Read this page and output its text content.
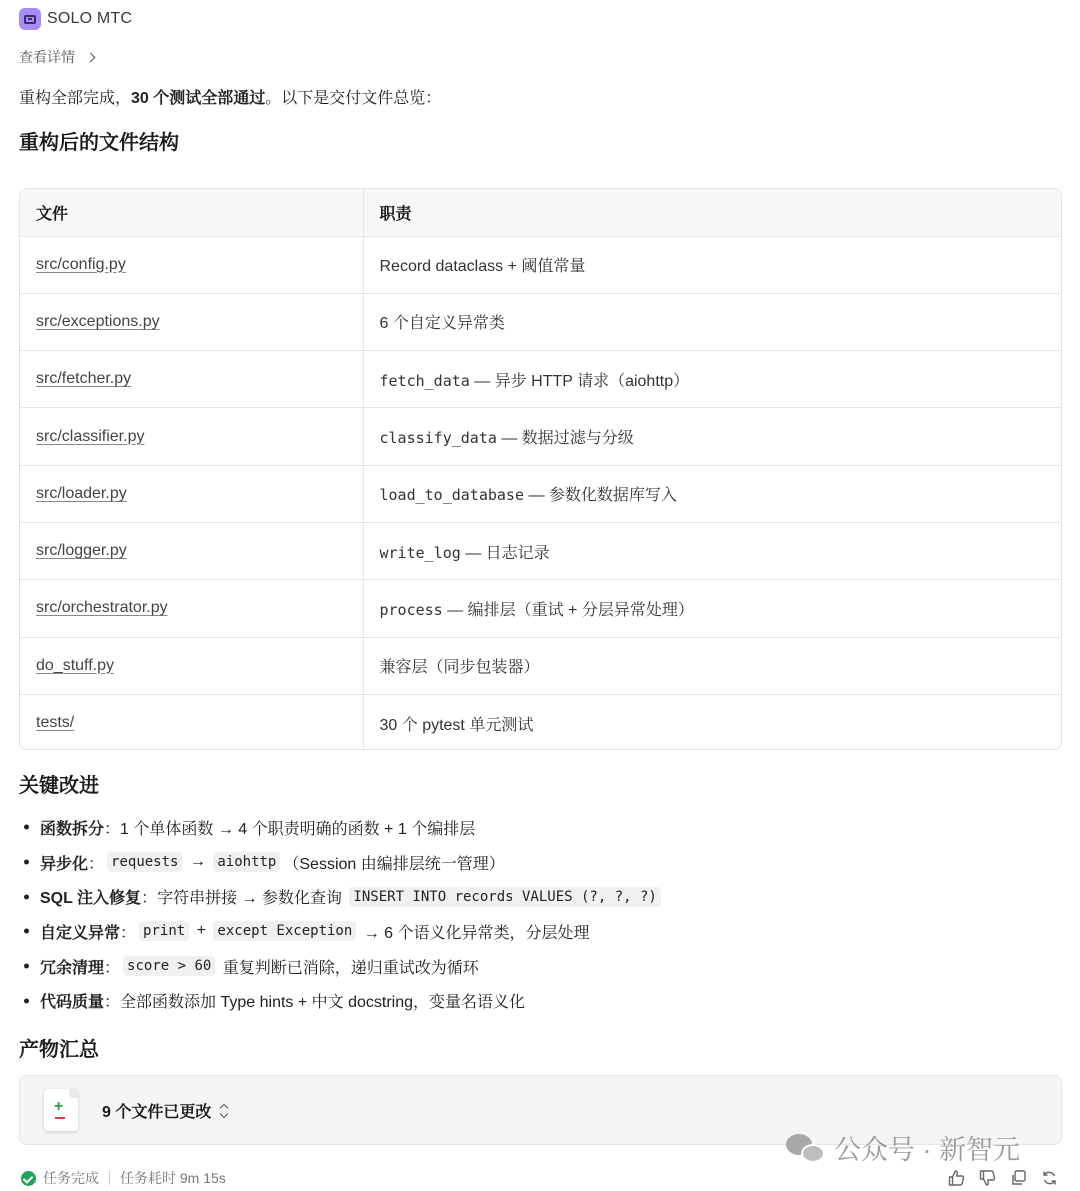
SOLO MTC
查看详情

重构全部完成，30 个测试全部通过。以下是交付文件总览：

重构后的文件结构
文件	职责
src/config.py	Record dataclass + 阈值常量
src/exceptions.py	6 个自定义异常类
src/fetcher.py	fetch_data — 异步 HTTP 请求（aiohttp）
src/classifier.py	classify_data — 数据过滤与分级
src/loader.py	load_to_database — 参数化数据库写入
src/logger.py	write_log — 日志记录
src/orchestrator.py	process — 编排层（重试 + 分层异常处理）
do_stuff.py	兼容层（同步包装器）
tests/	30 个 pytest 单元测试
关键改进
函数拆分 ： 1 个单体函数 → 4 个职责明确的函数 + 1 个编排层
异步化 ： requests → aiohttp （Session 由编排层统一管理）
SQL 注入修复 ： 字符串拼接 → 参数化查询 INSERT INTO records VALUES (?, ?, ?)
自定义异常 ： print + except Exception → 6 个语义化异常类，分层处理
冗余清理 ： score > 60 重复判断已消除，递归重试改为循环
代码质量 ： 全部函数添加 Type hints + 中文 docstring，变量名语义化
产物汇总
+ 9 个文件已更改
任务完成 任务耗时 9m 15s
公众号 · 新智元
